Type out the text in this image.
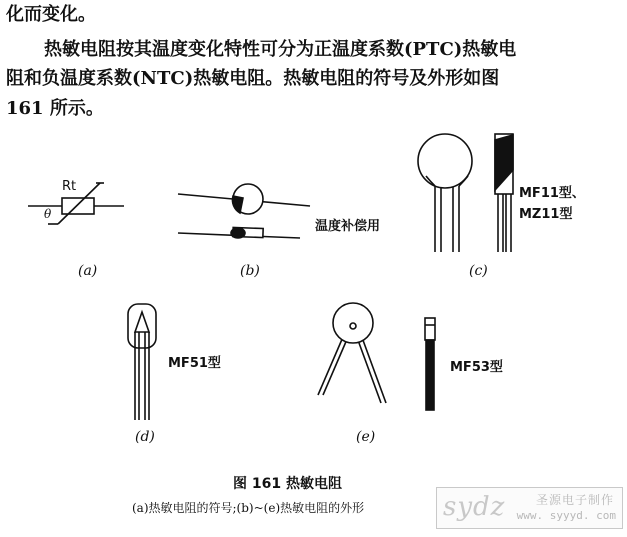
化而变化。
热敏电阻按其温度变化特性可分为正温度系数(PTC)热敏电
阻和负温度系数(NTC)热敏电阻。热敏电阻的符号及外形如图
161 所示。
Rt
θ
温度补偿用
MF11型、
MZ11型
MF51型	MF53型
(a)	(b)	(c)
(d)	(e)
图 161 热敏电阻
(a)热敏电阻的符号;(b)~(e)热敏电阻的外形	sydz	圣源电子制作
www. syyyd. com
